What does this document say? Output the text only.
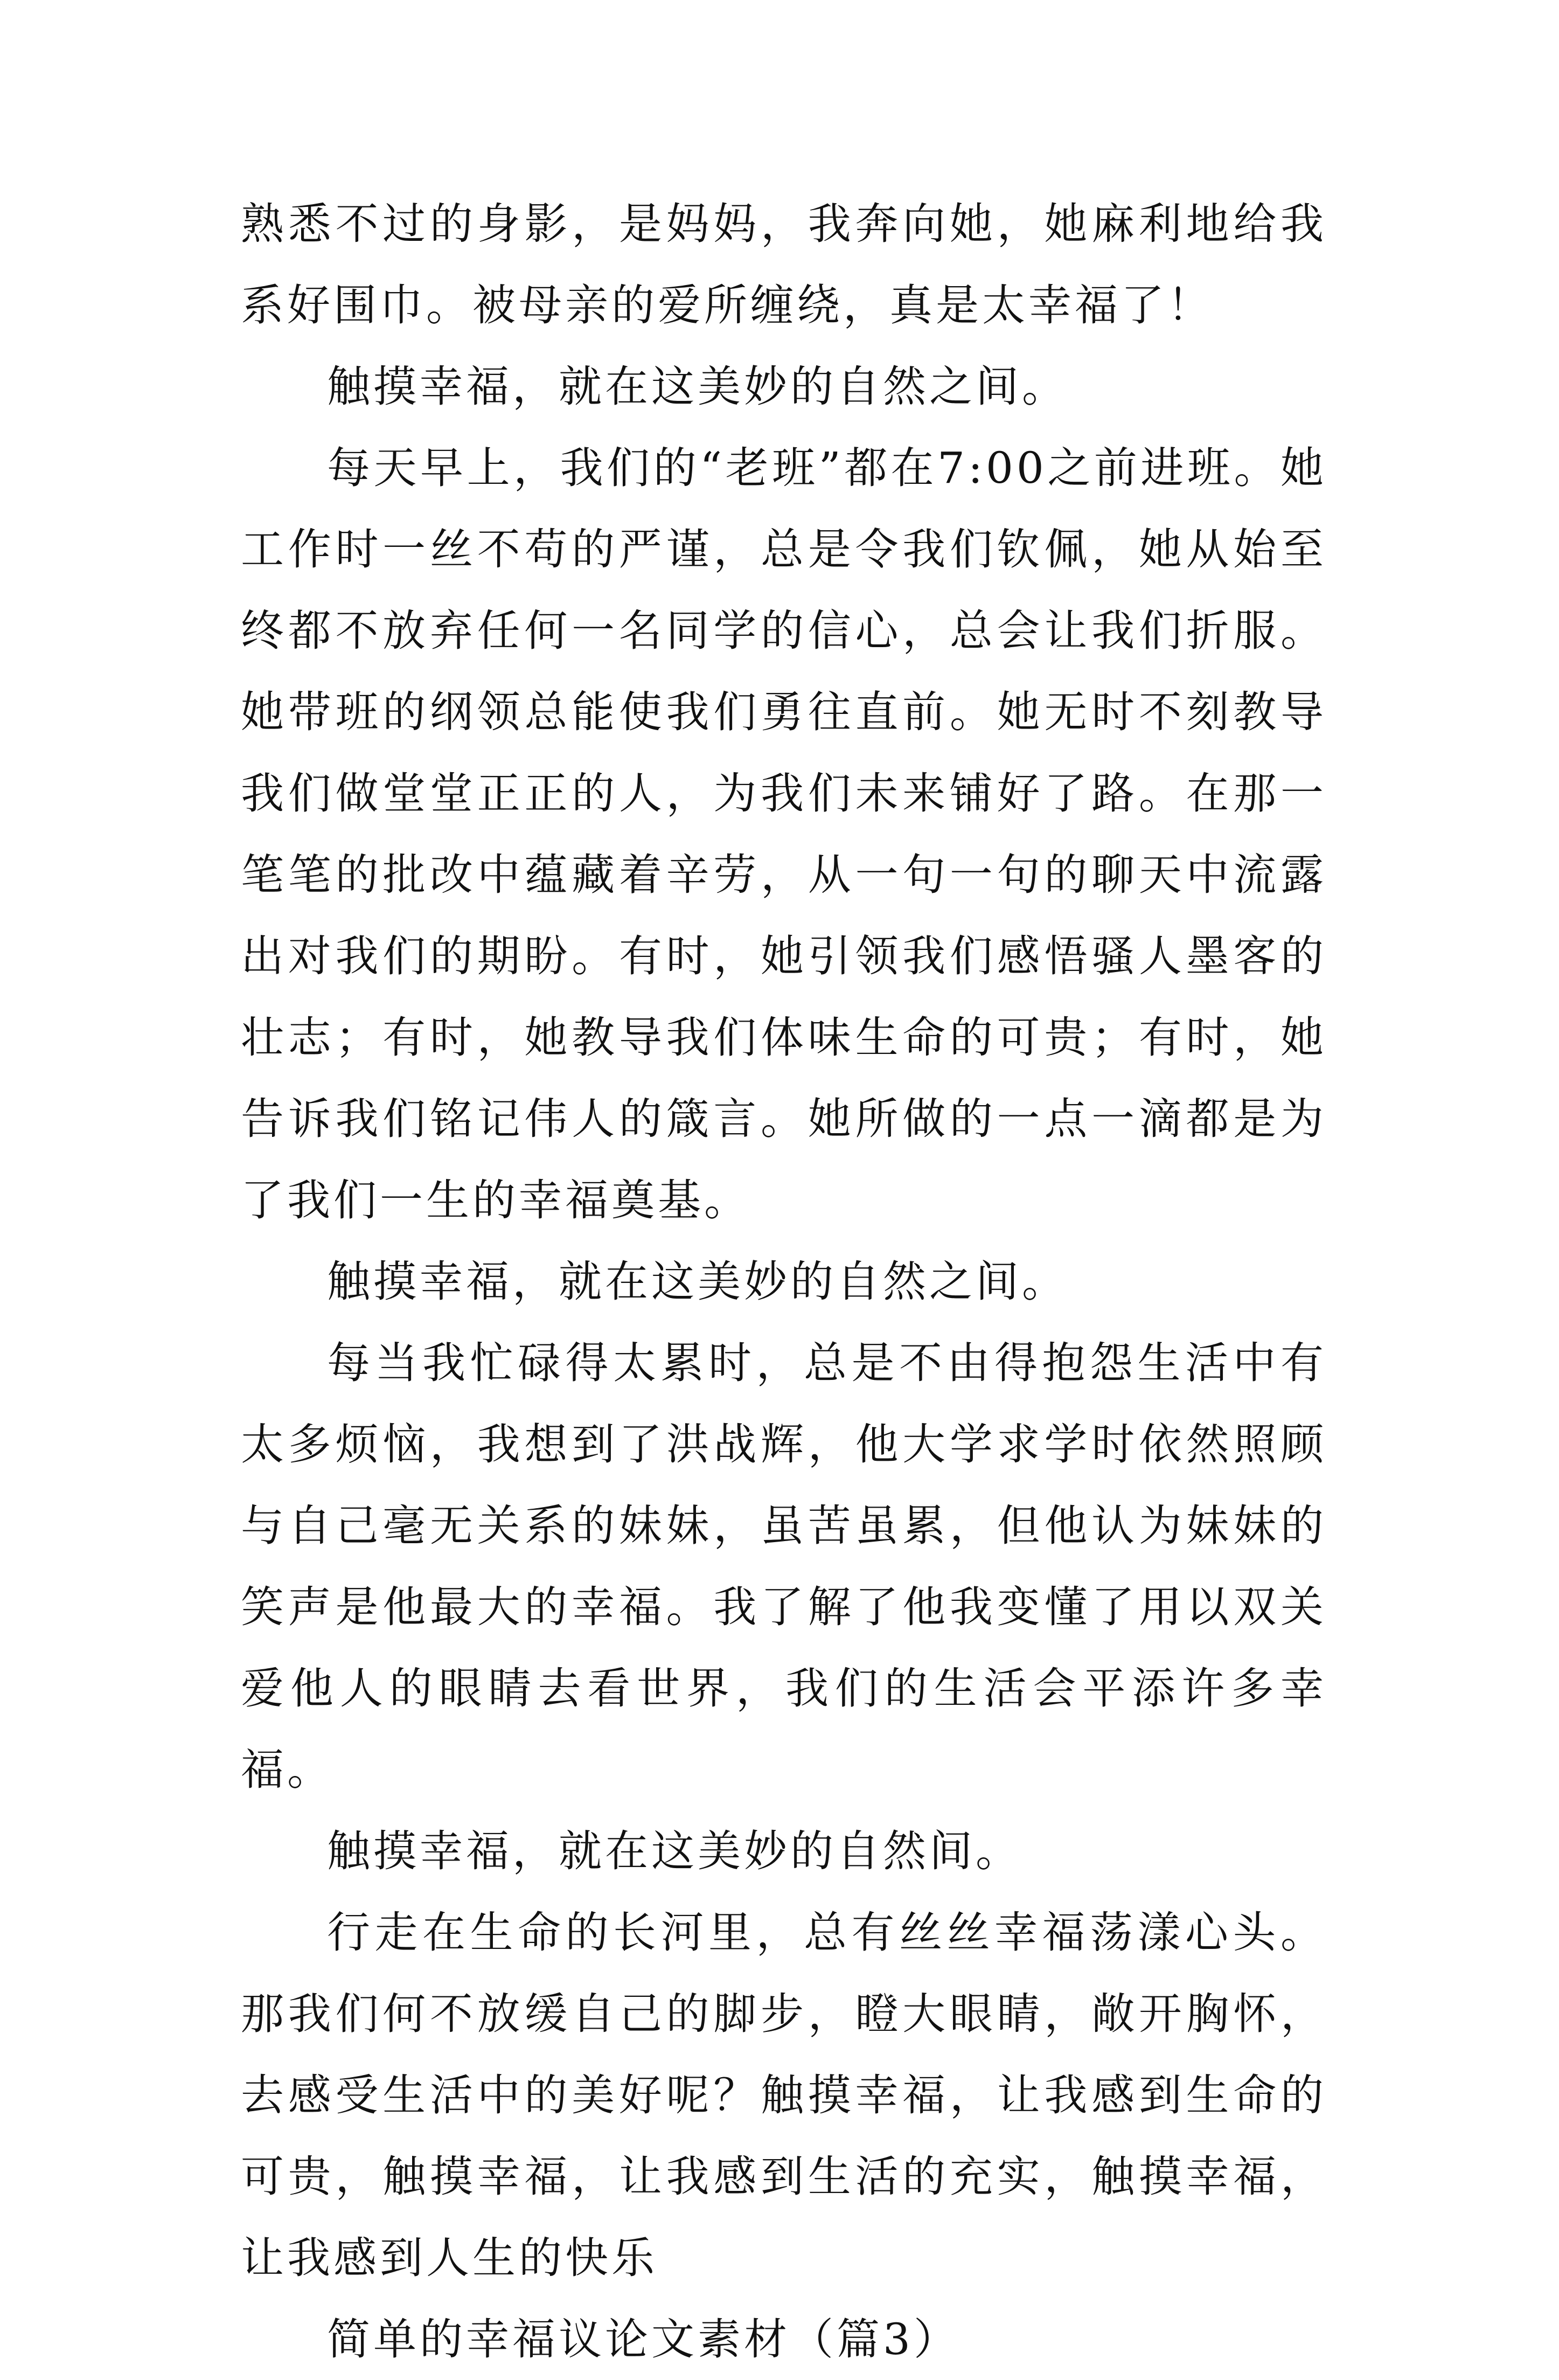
熟悉不过的身影，是妈妈，我奔向她，她麻利地给我系好围巾。被母亲的爱所缠绕，真是太幸福了！

触摸幸福，就在这美妙的自然之间。

每天早上，我们的“老班”都在7:00之前进班。她工作时一丝不苟的严谨，总是令我们钦佩，她从始至终都不放弃任何一名同学的信心，总会让我们折服。她带班的纲领总能使我们勇往直前。她无时不刻教导我们做堂堂正正的人，为我们未来铺好了路。在那一笔笔的批改中蕴藏着辛劳，从一句一句的聊天中流露出对我们的期盼。有时，她引领我们感悟骚人墨客的壮志；有时，她教导我们体味生命的可贵；有时，她告诉我们铭记伟人的箴言。她所做的一点一滴都是为了我们一生的幸福奠基。

触摸幸福，就在这美妙的自然之间。

每当我忙碌得太累时，总是不由得抱怨生活中有太多烦恼，我想到了洪战辉，他大学求学时依然照顾与自己毫无关系的妹妹，虽苦虽累，但他认为妹妹的笑声是他最大的幸福。我了解了他我变懂了用以双关爱他人的眼睛去看世界，我们的生活会平添许多幸福。

触摸幸福，就在这美妙的自然间。

行走在生命的长河里，总有丝丝幸福荡漾心头。那我们何不放缓自己的脚步，瞪大眼睛，敞开胸怀，去感受生活中的美好呢？触摸幸福，让我感到生命的可贵，触摸幸福，让我感到生活的充实，触摸幸福，让我感到人生的快乐

简单的幸福议论文素材（篇3）
